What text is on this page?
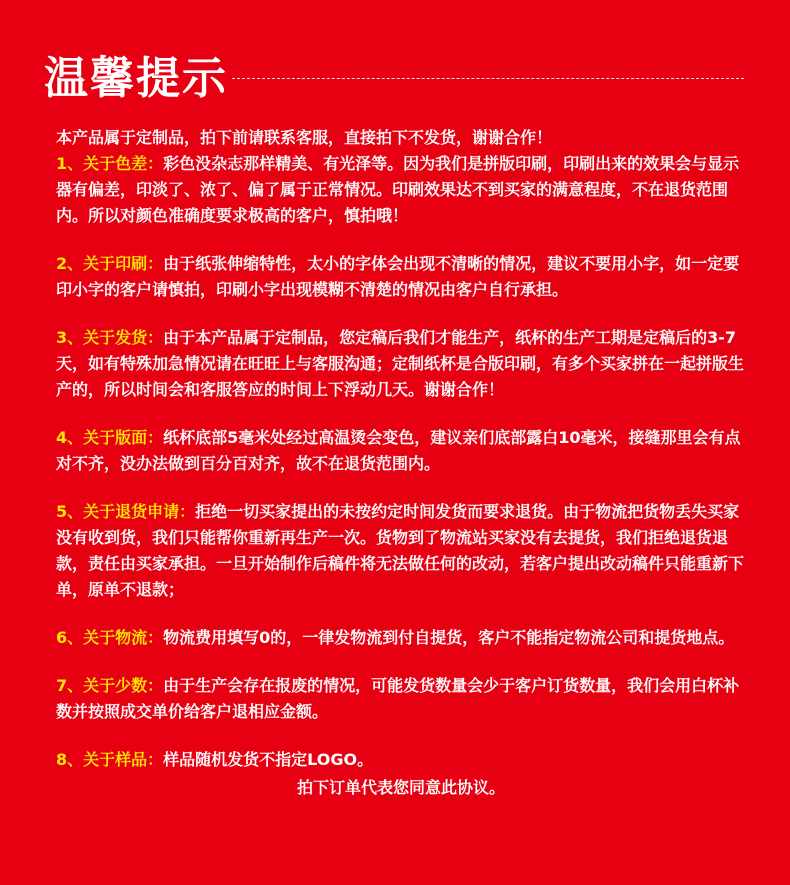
温馨提示

本产品属于定制品，拍下前请联系客服，直接拍下不发货，谢谢合作！

1、关于色差：彩色没杂志那样精美、有光泽等。因为我们是拼版印刷，印刷出来的效果会与显示器有偏差，印淡了、浓了、偏了属于正常情况。印刷效果达不到买家的满意程度，不在退货范围内。所以对颜色准确度要求极高的客户，慎拍哦！

2、关于印刷：由于纸张伸缩特性，太小的字体会出现不清晰的情况，建议不要用小字，如一定要印小字的客户请慎拍，印刷小字出现模糊不清楚的情况由客户自行承担。

3、关于发货：由于本产品属于定制品，您定稿后我们才能生产，纸杯的生产工期是定稿后的3-7天，如有特殊加急情况请在旺旺上与客服沟通；定制纸杯是合版印刷，有多个买家拼在一起拼版生产的，所以时间会和客服答应的时间上下浮动几天。谢谢合作！

4、关于版面：纸杯底部5毫米处经过高温烫会变色，建议亲们底部露白10毫米，接缝那里会有点对不齐，没办法做到百分百对齐，故不在退货范围内。

5、关于退货申请：拒绝一切买家提出的未按约定时间发货而要求退货。由于物流把货物丢失买家没有收到货，我们只能帮你重新再生产一次。货物到了物流站买家没有去提货，我们拒绝退货退款，责任由买家承担。一旦开始制作后稿件将无法做任何的改动，若客户提出改动稿件只能重新下单，原单不退款；

6、关于物流：物流费用填写0的，一律发物流到付自提货，客户不能指定物流公司和提货地点。

7、关于少数：由于生产会存在报废的情况，可能发货数量会少于客户订货数量，我们会用白杯补数并按照成交单价给客户退相应金额。

8、关于样品：样品随机发货不指定LOGO。

拍下订单代表您同意此协议。
